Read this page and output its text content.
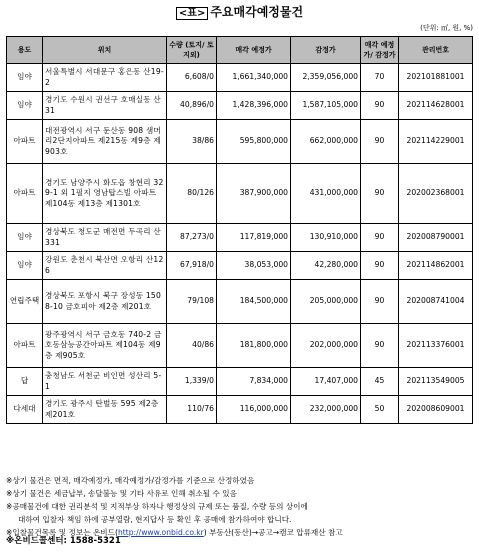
<표> 주요매각예정물건
(단위: ㎡, 원, %)
용도	위치	수량 (토지/ 토지외)	매각 예정가	감정가	매각 예정가/ 감정가	관리번호
임야	서울특별시 서대문구 홍은동 산19-2	6,608/0	1,661,340,000	2,359,056,000	70	202101881001
임야	경기도 수원시 권선구 호매실동 산31	40,896/0	1,428,396,000	1,587,105,000	90	202114628001
아파트	대전광역시 서구 둔산동 908 샘머리2단지아파트 제215동 제9층 제903호	38/86	595,800,000	662,000,000	90	202114229001
아파트	경기도 남양주시 화도읍 창현리 329-1 외 1필지 영남탑스빌 아파트 제104동 제13층 제1301호	80/126	387,900,000	431,000,000	90	202002368001
임야	경상북도 청도군 매전면 두곡리 산331	87,273/0	117,819,000	130,910,000	90	202008790001
임야	강원도 춘천시 북산면 오항리 산126	67,918/0	38,053,000	42,280,000	90	202114862001
연립주택	경상북도 포항시 북구 장성동 1508-10 금호피아 제2층 제201호	79/108	184,500,000	205,000,000	90	202008741004
아파트	광주광역시 서구 금호동 740-2 금호동삼능공간아파트 제104동 제9층 제905호	40/86	181,800,000	202,000,000	90	202113376001
답	충청남도 서천군 비인면 성산리 5-1	1,339/0	7,834,000	17,407,000	45	202113549005
다세대	경기도 광주시 탄벌동 595 제2층 제201호	110/76	116,000,000	232,000,000	50	202008609001
※상기 물건은 면적, 매각예정가, 매각예정가/감정가를 기준으로 산정하였음
※상기 물건은 세금납부, 송달불능 및 기타 사유로 인해 취소될 수 있음
※공매물건에 대한 권리분석 및 지적부상 하자나 행정상의 규제 또는 품질, 수량 등의 상이에
대하여 입찰자 책임 하에 공부열람, 현지답사 등 확인 후 공매에 참가하여야 합니다.
※입찰물건목록 및 정보는 온비드(http://www.onbid.co.kr) 부동산(동산)→공고→캠코 압류재산 참고
※온비드콜센터: 1588-5321
